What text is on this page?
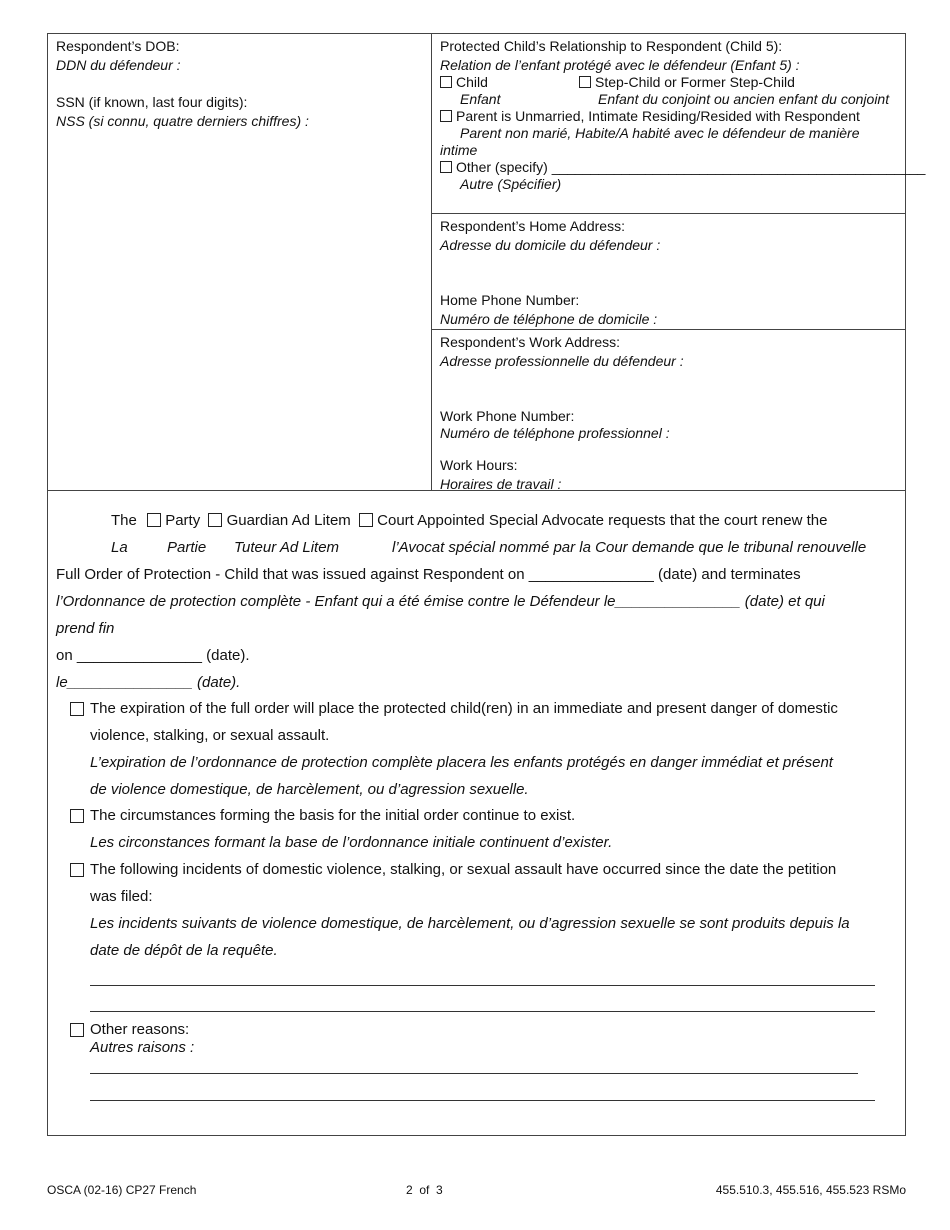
Respondent’s DOB:
DDN du défendeur :
SSN (if known, last four digits):
NSS (si connu, quatre derniers chiffres) :
Protected Child’s Relationship to Respondent (Child 5):
Relation de l’enfant protégé avec le défendeur (Enfant 5) :
Child	Step-Child or Former Step-Child
Enfant	Enfant du conjoint ou ancien enfant du conjoint
Parent is Unmarried, Intimate Residing/Resided with Respondent
Parent non marié, Habite/A habité avec le défendeur de manière
intime
Other (specify) ________________________________________________
Autre (Spécifier)
Respondent’s Home Address:
Adresse du domicile du défendeur :
Home Phone Number:
Numéro de téléphone de domicile :
Respondent’s Work Address:
Adresse professionnelle du défendeur :
Work Phone Number:
Numéro de téléphone professionnel :
Work Hours:
Horaires de travail :
The Party Guardian Ad Litem Court Appointed Special Advocate requests that the court renew the
La	Partie Tuteur Ad Litem	l’Avocat spécial nommé par la Cour demande que le tribunal renouvelle
Full Order of Protection - Child that was issued against Respondent on _______________ (date) and terminates
l’Ordonnance de protection complète - Enfant qui a été émise contre le Défendeur le_______________ (date) et qui
prend fin
on _______________ (date).
le_______________ (date).
The expiration of the full order will place the protected child(ren) in an immediate and present danger of domestic
violence, stalking, or sexual assault.
L’expiration de l’ordonnance de protection complète placera les enfants protégés en danger immédiat et présent
de violence domestique, de harcèlement, ou d’agression sexuelle.
The circumstances forming the basis for the initial order continue to exist.
Les circonstances formant la base de l’ordonnance initiale continuent d’exister.
The following incidents of domestic violence, stalking, or sexual assault have occurred since the date the petition
was filed:
Les incidents suivants de violence domestique, de harcèlement, ou d’agression sexuelle se sont produits depuis la
date de dépôt de la requête.
Other reasons:
Autres raisons :
OSCA (02-16) CP27 French	2  of  3	455.510.3, 455.516, 455.523 RSMo
